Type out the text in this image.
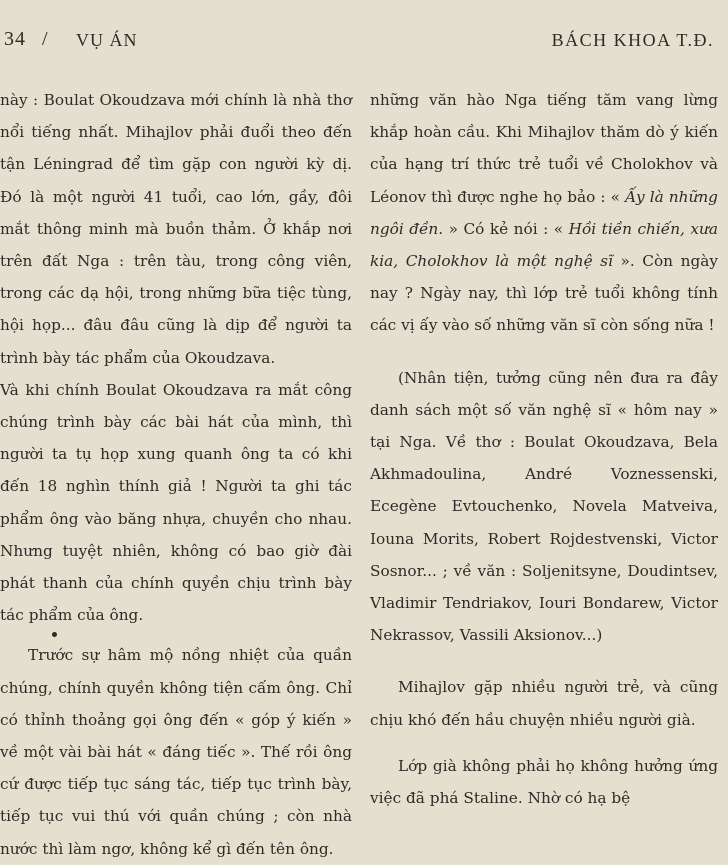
34 / VỤ ÁN	BÁCH KHOA T.Đ.

này : Boulat Okoudzava mới chính là nhà thơ nổi tiếng nhất. Mihajlov phải đuổi theo đến tận Léningrad để tìm gặp con người kỳ dị. Đó là một người 41 tuổi, cao lớn, gầy, đôi mắt thông minh mà buồn thảm. Ở khắp nơi trên đất Nga : trên tàu, trong công viên, trong các dạ hội, trong những bữa tiệc tùng, hội họp... đâu đâu cũng là dịp để người ta trình bày tác phẩm của Okoudzava.

Và khi chính Boulat Okoudzava ra mắt công chúng trình bày các bài hát của mình, thì người ta tụ họp xung quanh ông ta có khi đến 18 nghìn thính giả ! Người ta ghi tác phẩm ông vào băng nhựa, chuyền cho nhau. Nhưng tuyệt nhiên, không có bao giờ đài phát thanh của chính quyền chịu trình bày tác phẩm của ông.

Trước sự hâm mộ nồng nhiệt của quần chúng, chính quyền không tiện cấm ông. Chỉ có thỉnh thoảng gọi ông đến « góp ý kiến » về một vài bài hát « đáng tiếc ». Thế rồi ông cứ được tiếp tục sáng tác, tiếp tục trình bày, tiếp tục vui thú với quần chúng ; còn nhà nước thì làm ngơ, không kể gì đến tên ông.

những văn hào Nga tiếng tăm vang lừng khắp hoàn cầu. Khi Mihajlov thăm dò ý kiến của hạng trí thức trẻ tuổi về Cholokhov và Léonov thì được nghe họ bảo : « Ấy là những ngôi đền. » Có kẻ nói : « Hồi tiền chiến, xưa kia, Cholokhov là một nghệ sĩ ». Còn ngày nay ? Ngày nay, thì lớp trẻ tuổi không tính các vị ấy vào số những văn sĩ còn sống nữa !

(Nhân tiện, tưởng cũng nên đưa ra đây danh sách một số văn nghệ sĩ « hôm nay » tại Nga. Về thơ : Boulat Okoudzava, Bela Akhmadoulina, André Voznessenski, Ecegène Evtouchenko, Novela Matveiva, Iouna Morits, Robert Rojdestvenski, Victor Sosnor... ; về văn : Soljenitsyne, Doudintsev, Vladimir Tendriakov, Iouri Bondarew, Victor Nekrassov, Vassili Aksionov...)

Mihajlov gặp nhiều người trẻ, và cũng chịu khó đến hầu chuyện nhiều người già.

Lớp già không phải họ không hưởng ứng việc đã phá Staline. Nhờ có hạ bệ
